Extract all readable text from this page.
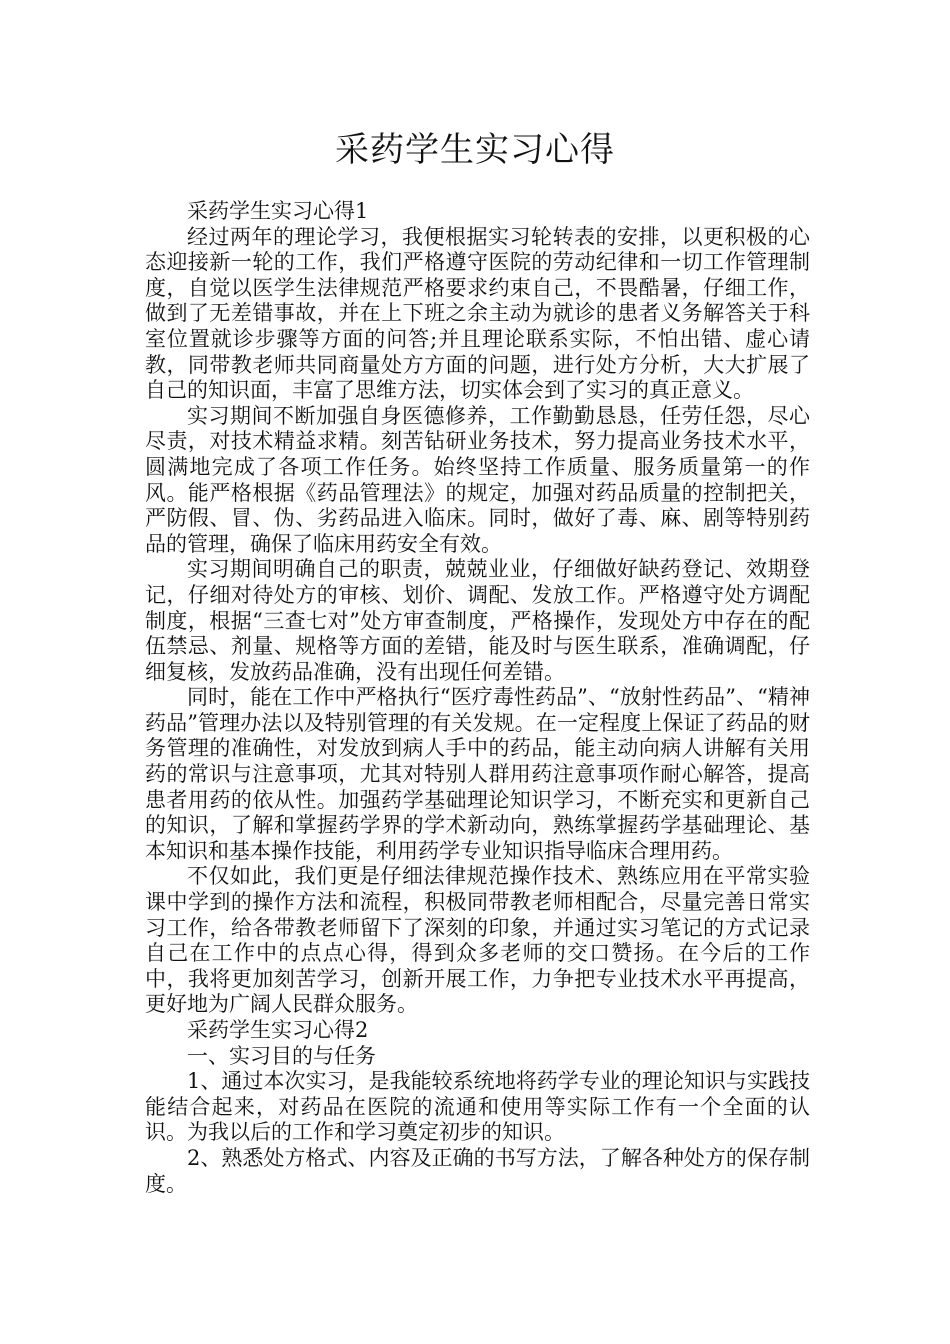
采药学生实习心得

采药学生实习心得1

经过两年的理论学习，我便根据实习轮转表的安排，以更积极的心态迎接新一轮的工作，我们严格遵守医院的劳动纪律和一切工作管理制度，自觉以医学生法律规范严格要求约束自己，不畏酷暑，仔细工作，做到了无差错事故，并在上下班之余主动为就诊的患者义务解答关于科室位置就诊步骤等方面的问答;并且理论联系实际，不怕出错、虚心请教，同带教老师共同商量处方方面的问题，进行处方分析，大大扩展了自己的知识面，丰富了思维方法，切实体会到了实习的真正意义。

实习期间不断加强自身医德修养，工作勤勤恳恳，任劳任怨，尽心尽责，对技术精益求精。刻苦钻研业务技术，努力提高业务技术水平，圆满地完成了各项工作任务。始终坚持工作质量、服务质量第一的作风。能严格根据《药品管理法》的规定，加强对药品质量的控制把关，严防假、冒、伪、劣药品进入临床。同时，做好了毒、麻、剧等特别药品的管理，确保了临床用药安全有效。

实习期间明确自己的职责，兢兢业业，仔细做好缺药登记、效期登记，仔细对待处方的审核、划价、调配、发放工作。严格遵守处方调配制度，根据“三查七对”处方审查制度，严格操作，发现处方中存在的配伍禁忌、剂量、规格等方面的差错，能及时与医生联系，准确调配，仔细复核，发放药品准确，没有出现任何差错。

同时，能在工作中严格执行“医疗毒性药品”、“放射性药品”、“精神药品”管理办法以及特别管理的有关发规。在一定程度上保证了药品的财务管理的准确性，对发放到病人手中的药品，能主动向病人讲解有关用药的常识与注意事项，尤其对特别人群用药注意事项作耐心解答，提高患者用药的依从性。加强药学基础理论知识学习，不断充实和更新自己的知识，了解和掌握药学界的学术新动向，熟练掌握药学基础理论、基本知识和基本操作技能，利用药学专业知识指导临床合理用药。

不仅如此，我们更是仔细法律规范操作技术、熟练应用在平常实验课中学到的操作方法和流程，积极同带教老师相配合，尽量完善日常实习工作，给各带教老师留下了深刻的印象，并通过实习笔记的方式记录自己在工作中的点点心得，得到众多老师的交口赞扬。在今后的工作中，我将更加刻苦学习，创新开展工作，力争把专业技术水平再提高，更好地为广阔人民群众服务。

采药学生实习心得2

一、实习目的与任务

1、通过本次实习，是我能较系统地将药学专业的理论知识与实践技能结合起来，对药品在医院的流通和使用等实际工作有一个全面的认识。为我以后的工作和学习奠定初步的知识。

2、熟悉处方格式、内容及正确的书写方法，了解各种处方的保存制度。
